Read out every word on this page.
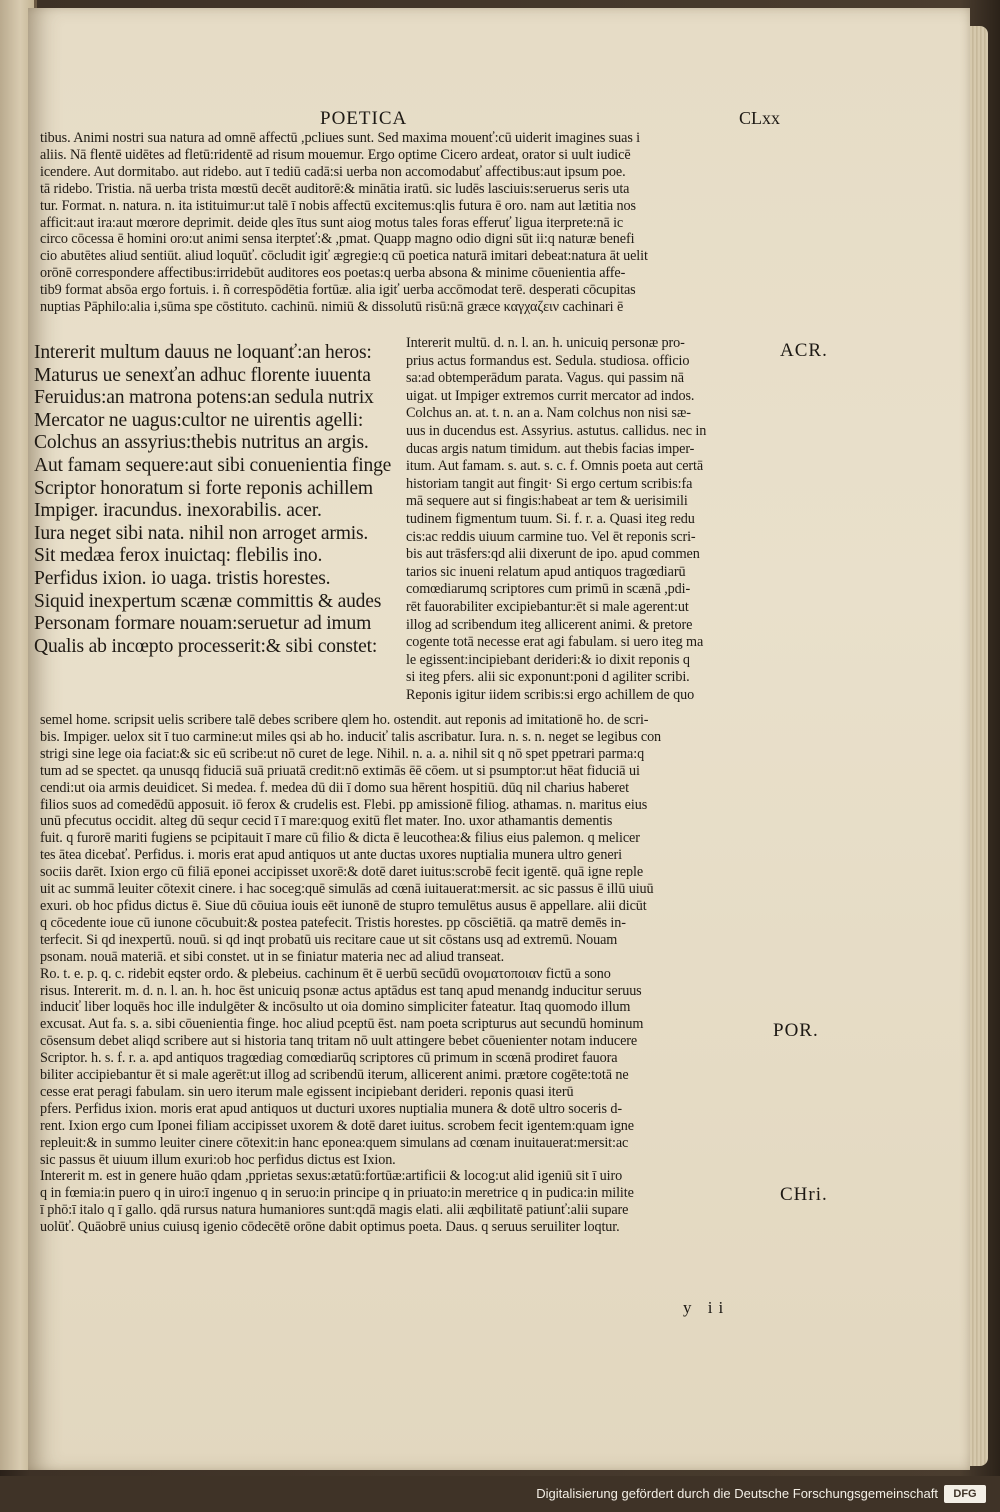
POETICA	CLxx
tibus. Animi nostri sua natura ad omnē affectū ,pcliues sunt. Sed maxima mouenť:cū uiderit imagines suas i
aliis. Nā flentē uidētes ad fletū:ridentē ad risum mouemur. Ergo optime Cicero ardeat, orator si uult iudicē
icendere. Aut dormitabo. aut ridebo. aut ī tediū cadā:si uerba non accomodabuť affectibus:aut ipsum poe.
tā ridebo. Tristia. nā uerba trista mœstū decēt auditorē:& minātia iratū. sic ludēs lasciuis:seruerus seris uta
tur. Format. n. natura. n. ita istituimur:ut talē ī nobis affectū excitemus:qlis futura ē oro. nam aut lætitia nos
afficit:aut ira:aut mœrore deprimit. deide qles ītus sunt aiog motus tales foras efferuť ligua iterprete:nā ic
circo cōcessa ē homini oro:ut animi sensa iterpteť:& ,pmat. Quapp magno odio digni sūt ii:q naturæ benefi
cio abutētes aliud sentiūt. aliud loquūť. cōcludit igiť ægregie:q cū poetica naturā imitari debeat:natura āt uelit
orōnē correspondere affectibus:irridebūt auditores eos poetas:q uerba absona & minime cōuenientia affe-
tib9 format absōa ergo fortuis. i. ñ correspōdētia fortūæ. alia igiť uerba accōmodat terē. desperati cōcupitas
nuptias Pāphilo:alia i,sūma spe cōstituto. cachinū. nimiū & dissolutū risū:nā græce καγχαζειν cachinari ē
Intererit multum dauus ne loquanť:an heros:
Maturus ue senexťan adhuc florente iuuenta
Feruidus:an matrona potens:an sedula nutrix
Mercator ne uagus:cultor ne uirentis agelli:
Colchus an assyrius:thebis nutritus an argis.
Aut famam sequere:aut sibi conuenientia finge
Scriptor honoratum si forte reponis achillem
Impiger. iracundus. inexorabilis. acer.
Iura neget sibi nata. nihil non arroget armis.
Sit medæa ferox inuictaq: flebilis ino.
Perfidus ixion. io uaga. tristis horestes.
Siquid inexpertum scænæ committis & audes
Personam formare nouam:seruetur ad imum
Qualis ab incœpto processerit:& sibi constet:
Intererit multū. d. n. l. an. h. unicuiq personæ pro-
prius actus formandus est. Sedula. studiosa. officio
sa:ad obtemperādum parata. Vagus. qui passim nā
uigat. ut Impiger extremos currit mercator ad indos.
Colchus an. at. t. n. an a. Nam colchus non nisi sæ-
uus in ducendus est. Assyrius. astutus. callidus. nec in
ducas argis natum timidum. aut thebis facias imper-
itum. Aut famam. s. aut. s. c. f. Omnis poeta aut certā
historiam tangit aut fingit· Si ergo certum scribis:fa
mā sequere aut si fingis:habeat ar tem & uerisimili
tudinem figmentum tuum. Si. f. r. a. Quasi iteg redu
cis:ac reddis uiuum carmine tuo. Vel ēt reponis scri-
bis aut trāsfers:qd alii dixerunt de ipo. apud commen
tarios sic inueni relatum apud antiquos tragœdiarū
comœdiarumq scriptores cum primū in scænā ,pdi-
rēt fauorabiliter excipiebantur:ēt si male agerent:ut
illog ad scribendum iteg allicerent animi. & pretore
cogente totā necesse erat agi fabulam. si uero iteg ma
le egissent:incipiebant derideri:& io dixit reponis q
si iteg pfers. alii sic exponunt:poni d agiliter scribi.
Reponis igitur iidem scribis:si ergo achillem de quo
semel home. scripsit uelis scribere talē debes scribere qlem ho. ostendit. aut reponis ad imitationē ho. de scri-
bis. Impiger. uelox sit ī tuo carmine:ut miles qsi ab ho. induciť talis ascribatur. Iura. n. s. n. neget se legibus con
strigi sine lege oia faciat:& sic eū scribe:ut nō curet de lege. Nihil. n. a. a. nihil sit q nō spet ppetrari parma:q
tum ad se spectet. qa unusqq fiduciā suā priuatā credit:nō extimās ēē cōem. ut si psumptor:ut hēat fiduciā ui
cendi:ut oia armis deuidicet. Si medea. f. medea dū dii ī domo sua hērent hospitiū. dūq nil charius haberet
filios suos ad comedēdū apposuit. iō ferox & crudelis est. Flebi. pp amissionē filiog. athamas. n. maritus eius
unū pfecutus occidit. alteg dū sequr cecid ī ī mare:quog exitū flet mater. Ino. uxor athamantis dementis
fuit. q furorē mariti fugiens se pcipitauit ī mare cū filio & dicta ē leucothea:& filius eius palemon. q melicer
tes ātea dicebať. Perfidus. i. moris erat apud antiquos ut ante ductas uxores nuptialia munera ultro generi
sociis darēt. Ixion ergo cū filiā eponei accipisset uxorē:& dotē daret iuitus:scrobē fecit igentē. quā igne reple
uit ac summā leuiter cōtexit cinere. i hac soceg:quē simulās ad cœnā iuitauerat:mersit. ac sic passus ē illū uiuū
exuri. ob hoc pfidus dictus ē. Siue dū cōuiua iouis eēt iunonē de stupro temulētus ausus ē appellare. alii dicūt
q cōcedente ioue cū iunone cōcubuit:& postea patefecit. Tristis horestes. pp cōsciētiā. qa matrē demēs in-
terfecit. Si qd inexpertū. nouū. si qd inqt probatū uis recitare caue ut sit cōstans usq ad extremū. Nouam
psonam. nouā materiā. et sibi constet. ut in se finiatur materia nec ad aliud transeat.
Ro. t. e. p. q. c. ridebit eqster ordo. & plebeius. cachinum ēt ē uerbū secūdū ονοματοποιαν fictū a sono
risus. Intererit. m. d. n. l. an. h. hoc ēst unicuiq psonæ actus aptādus est tanq apud menandg inducitur seruus
induciť liber loquēs hoc ille indulgēter & incōsulto ut oia domino simpliciter fateatur. Itaq quomodo illum
excusat. Aut fa. s. a. sibi cōuenientia finge. hoc aliud pceptū ēst. nam poeta scripturus aut secundū hominum
cōsensum debet aliqd scribere aut si historia tanq tritam nō uult attingere bebet cōuenienter notam inducere
Scriptor. h. s. f. r. a. apd antiquos tragœdiag comœdiarūq scriptores cū primum in scœnā prodiret fauora
biliter accipiebantur ēt si male agerēt:ut illog ad scribendū iterum, allicerent animi. prætore cogēte:totā ne
cesse erat peragi fabulam. sin uero iterum male egissent incipiebant derideri. reponis quasi iterū
pfers. Perfidus ixion. moris erat apud antiquos ut ducturi uxores nuptialia munera & dotē ultro soceris d-
rent. Ixion ergo cum Iponei filiam accipisset uxorem & dotē daret iuitus. scrobem fecit igentem:quam igne
repleuit:& in summo leuiter cinere cōtexit:in hanc eponea:quem simulans ad cœnam inuitauerat:mersit:ac
sic passus ēt uiuum illum exuri:ob hoc perfidus dictus est Ixion.
Intererit m. est in genere huāo qdam ,pprietas sexus:ætatū:fortūæ:artificii & locog:ut alid igeniū sit ī uiro
q in fœmia:in puero q in uiro:ī ingenuo q in seruo:in principe q in priuato:in meretrice q in pudica:in milite
ī phō:ī italo q ī gallo. qdā rursus natura humaniores sunt:qdā magis elati. alii æqbilitatē patiunť:alii supare
uolūť. Quāobrē unius cuiusq igenio cōdecētē orōne dabit optimus poeta. Daus. q seruus seruiliter loqtur.
ACR.
POR.
CHri.
y ii
Digitalisierung gefördert durch die Deutsche Forschungsgemeinschaft	DFG
